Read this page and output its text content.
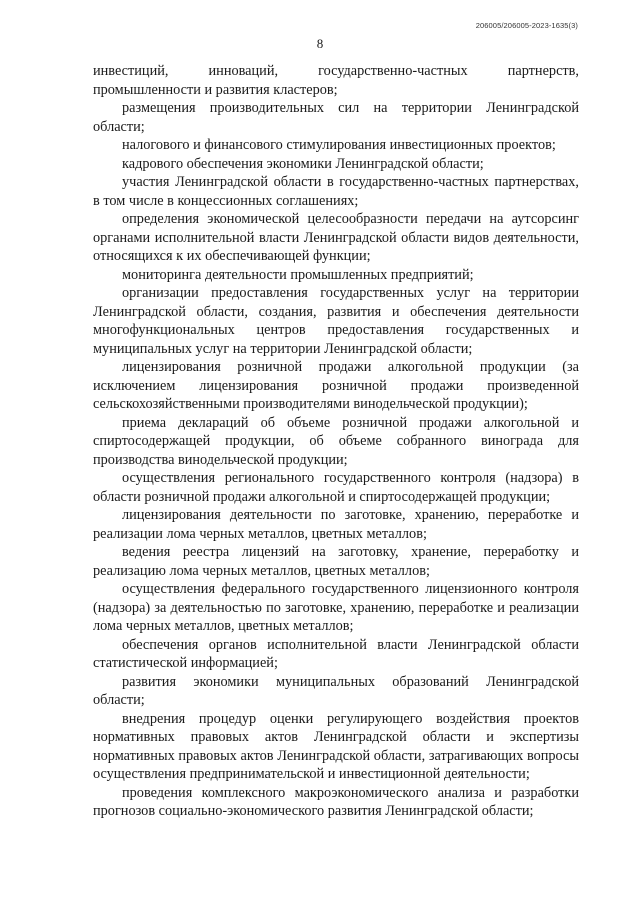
206005/206005-2023-1635(3)
8

инвестиций, инноваций, государственно-частных партнерств, промышленности и развития кластеров;

размещения производительных сил на территории Ленинградской области;

налогового и финансового стимулирования инвестиционных проектов;

кадрового обеспечения экономики Ленинградской области;

участия Ленинградской области в государственно-частных партнерствах, в том числе в концессионных соглашениях;

определения экономической целесообразности передачи на аутсорсинг органами исполнительной власти Ленинградской области видов деятельности, относящихся к их обеспечивающей функции;

мониторинга деятельности промышленных предприятий;

организации предоставления государственных услуг на территории Ленинградской области, создания, развития и обеспечения деятельности многофункциональных центров предоставления государственных и муниципальных услуг на территории Ленинградской области;

лицензирования розничной продажи алкогольной продукции (за исключением лицензирования розничной продажи произведенной сельскохозяйственными производителями винодельческой продукции);

приема деклараций об объеме розничной продажи алкогольной и спиртосодержащей продукции, об объеме собранного винограда для производства винодельческой продукции;

осуществления регионального государственного контроля (надзора) в области розничной продажи алкогольной и спиртосодержащей продукции;

лицензирования деятельности по заготовке, хранению, переработке и реализации лома черных металлов, цветных металлов;

ведения реестра лицензий на заготовку, хранение, переработку и реализацию лома черных металлов, цветных металлов;

осуществления федерального государственного лицензионного контроля (надзора) за деятельностью по заготовке, хранению, переработке и реализации лома черных металлов, цветных металлов;

обеспечения органов исполнительной власти Ленинградской области статистической информацией;

развития экономики муниципальных образований Ленинградской области;

внедрения процедур оценки регулирующего воздействия проектов нормативных правовых актов Ленинградской области и экспертизы нормативных правовых актов Ленинградской области, затрагивающих вопросы осуществления предпринимательской и инвестиционной деятельности;

проведения комплексного макроэкономического анализа и разработки прогнозов социально-экономического развития Ленинградской области;
